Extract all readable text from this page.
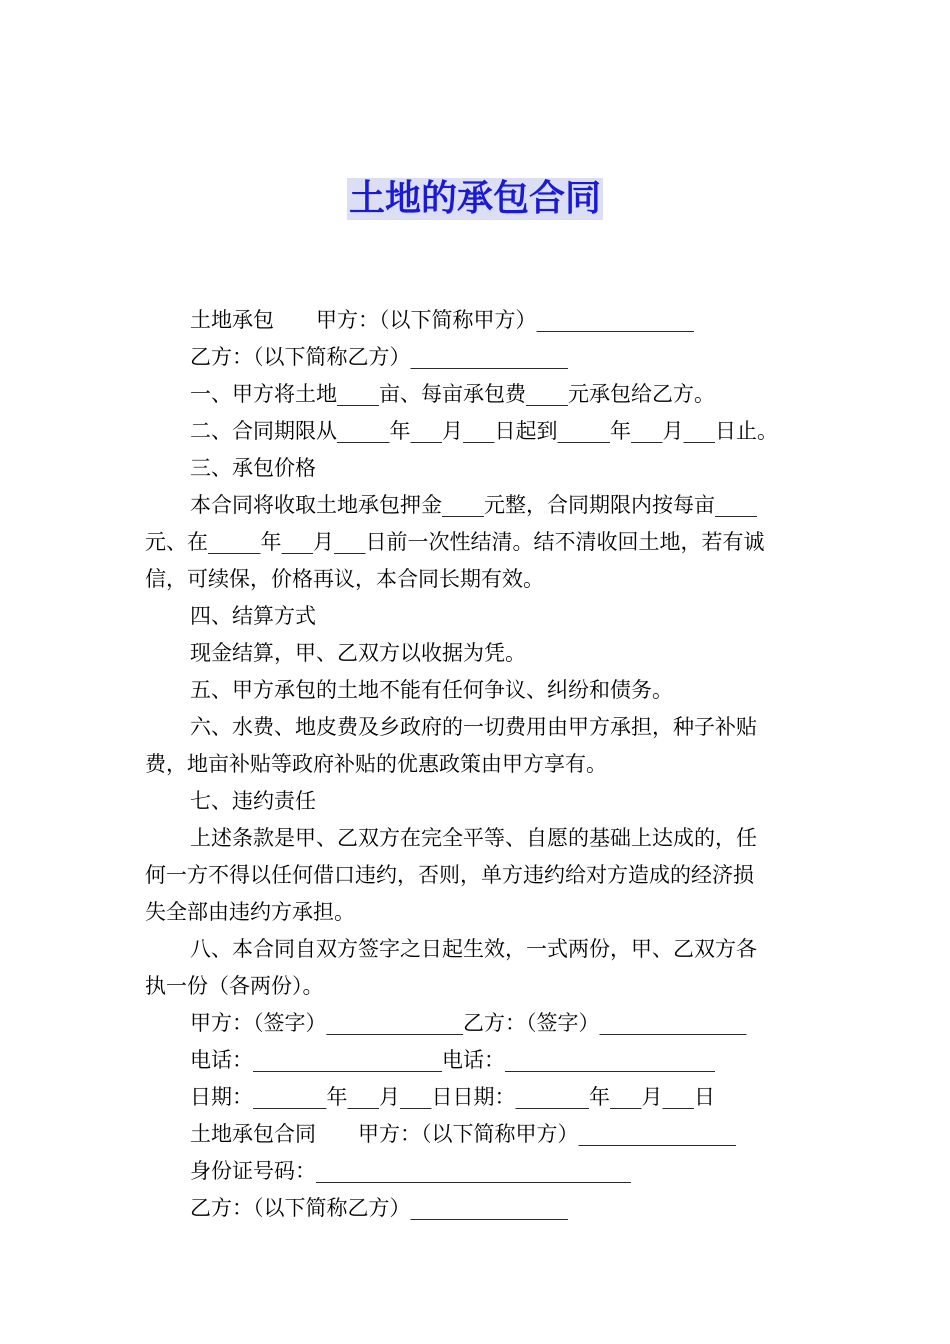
土地的承包合同
土地承包　　甲方：（以下简称甲方）_______________
乙方：（以下简称乙方）_______________
一、甲方将土地____亩、每亩承包费____元承包给乙方。
二、合同期限从_____年___月___日起到_____年___月___日止。
三、承包价格
本合同将收取土地承包押金____元整，合同期限内按每亩____
元、在_____年___月___日前一次性结清。结不清收回土地，若有诚
信，可续保，价格再议，本合同长期有效。
四、结算方式
现金结算，甲、乙双方以收据为凭。
五、甲方承包的土地不能有任何争议、纠纷和债务。
六、水费、地皮费及乡政府的一切费用由甲方承担，种子补贴
费，地亩补贴等政府补贴的优惠政策由甲方享有。
七、违约责任
上述条款是甲、乙双方在完全平等、自愿的基础上达成的，任
何一方不得以任何借口违约，否则，单方违约给对方造成的经济损
失全部由违约方承担。
八、本合同自双方签字之日起生效，一式两份，甲、乙双方各
执一份（各两份）。
甲方：（签字）_____________乙方：（签字）______________
电话：__________________电话：____________________
日期：_______年___月___日日期：_______年___月___日
土地承包合同　　甲方：（以下简称甲方）_______________
身份证号码：______________________________
乙方：（以下简称乙方）_______________
